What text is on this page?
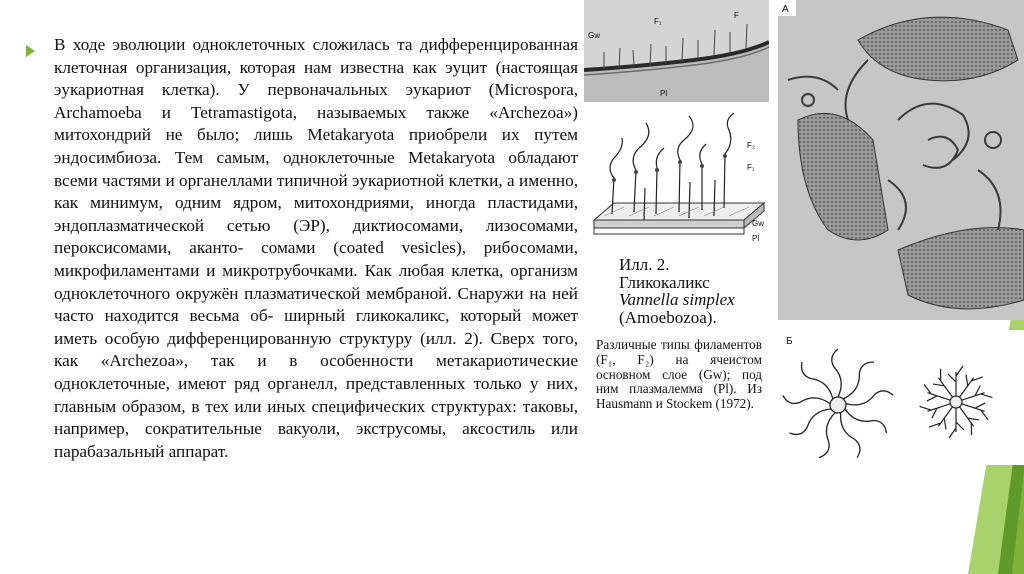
В ходе эволюции одноклеточных сложилась та дифференцированная клеточная организация, которая нам известна как эуцит (настоящая эукариотная клетка). У первоначальных эукариот (Microspora, Archamoeba и Tetramastigota, называемых также «Archezoa») митохондрий не было; лишь Metakaryota приобрели их путем эндосимбиоза. Тем самым, одноклеточные Metakaryota обладают всеми частями и органеллами типичной эукариотной клетки, а именно, как минимум, одним ядром, митохондриями, иногда пластидами, эндоплазматической сетью (ЭР), диктиосомами, лизосомами, пероксисомами, аканто- сомами (coated vesicles), рибосомами, микрофиламентами и микротрубочками. Как любая клетка, организм одноклеточного окружён плазматической мембраной. Снаружи на ней часто находится весьма об- ширный гликокаликс, который может иметь особую дифференцированную структуру (илл. 2). Сверх того, как «Archezoa», так и в особенности метакариотические одноклеточные, имеют ряд органелл, представленных только у них, главным образом, в тех или иных специфических структурах: таковы, например, сократительные вакуоли, экструсомы, аксостиль или парабазальный аппарат.

Gw
F
F₁
Pl
F₂
F₁
Gw
Pl
A
Б
Илл. 2.
Гликокаликс
Vannella simplex
(Amoebozoa).
Различные типы филаментов (F₁, F₂) на ячеистом основном слое (Gw); под ним плазмалемма (Pl). Из Hausmann и Stockem (1972).
